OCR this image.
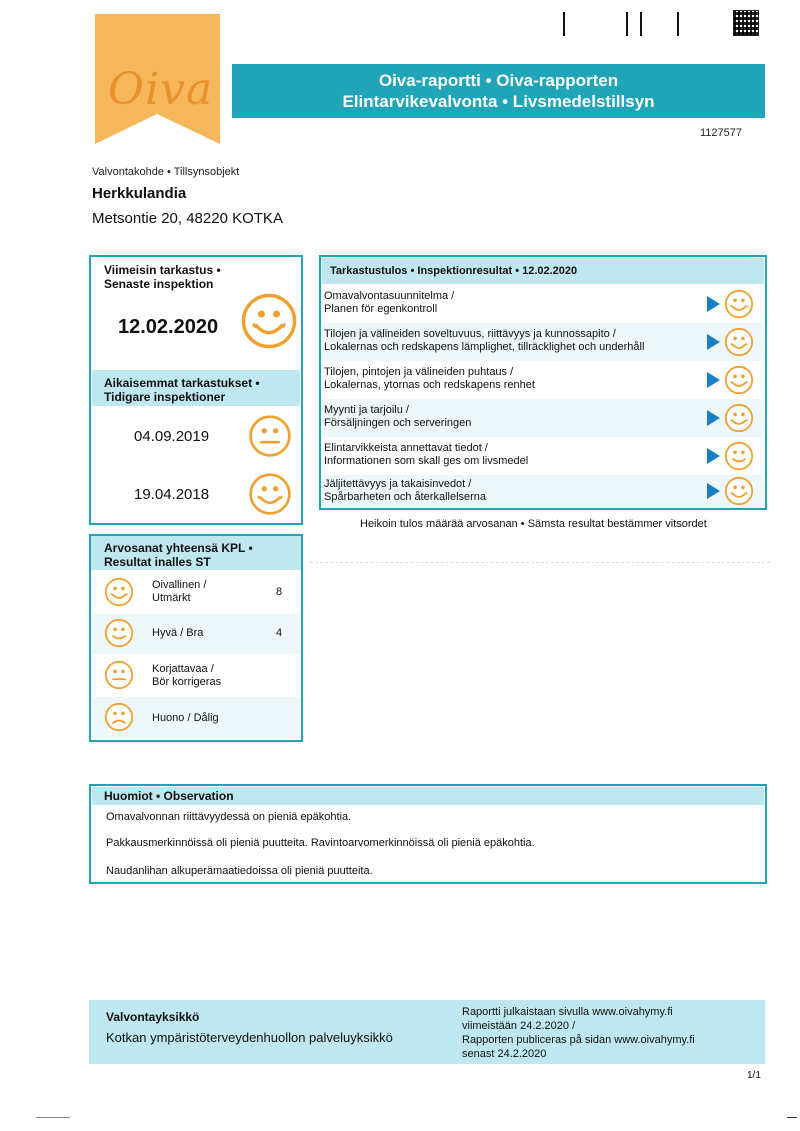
Oiva	Oiva-raportti • Oiva-rapporten
Elintarvikevalvonta • Livsmedelstillsyn
1127577
Valvontakohde • Tillsynsobjekt
Herkkulandia
Metsontie 20, 48220 KOTKA
Viimeisin tarkastus •
Senaste inspektion
12.02.2020
Aikaisemmat tarkastukset •
Tidigare inspektioner
04.09.2019
19.04.2018
Tarkastustulos • Inspektionresultat • 12.02.2020
Omavalvontasuunnitelma /
Planen för egenkontroll
Tilojen ja välineiden soveltuvuus, riittävyys ja kunnossapito /
Lokalernas och redskapens lämplighet, tillräcklighet och underhåll
Tilojen, pintojen ja välineiden puhtaus /
Lokalernas, ytornas och redskapens renhet
Myynti ja tarjoilu /
Försäljningen och serveringen
Elintarvikkeista annettavat tiedot /
Informationen som skall ges om livsmedel
Jäljitettävyys ja takaisinvedot /
Spårbarheten och återkallelserna
Heikoin tulos määrää arvosanan • Sämsta resultat bestämmer vitsordet
Arvosanat yhteensä KPL •
Resultat inalles ST
Oivallinen /
Utmärkt	8
Hyvä / Bra	4
Korjattavaa /
Bör korrigeras
Huono / Dålig
Huomiot • Observation
Omavalvonnan riittävyydessä on pieniä epäkohtia.
Pakkausmerkinnöissä oli pieniä puutteita. Ravintoarvomerkinnöissä oli pieniä epäkohtia.
Naudanlihan alkuperämaatiedoissa oli pieniä puutteita.
Valvontayksikkö
Kotkan ympäristöterveydenhuollon palveluyksikkö
Raportti julkaistaan sivulla www.oivahymy.fi
viimeistään 24.2.2020 /
Rapporten publiceras på sidan www.oivahymy.fi
senast 24.2.2020
1/1
